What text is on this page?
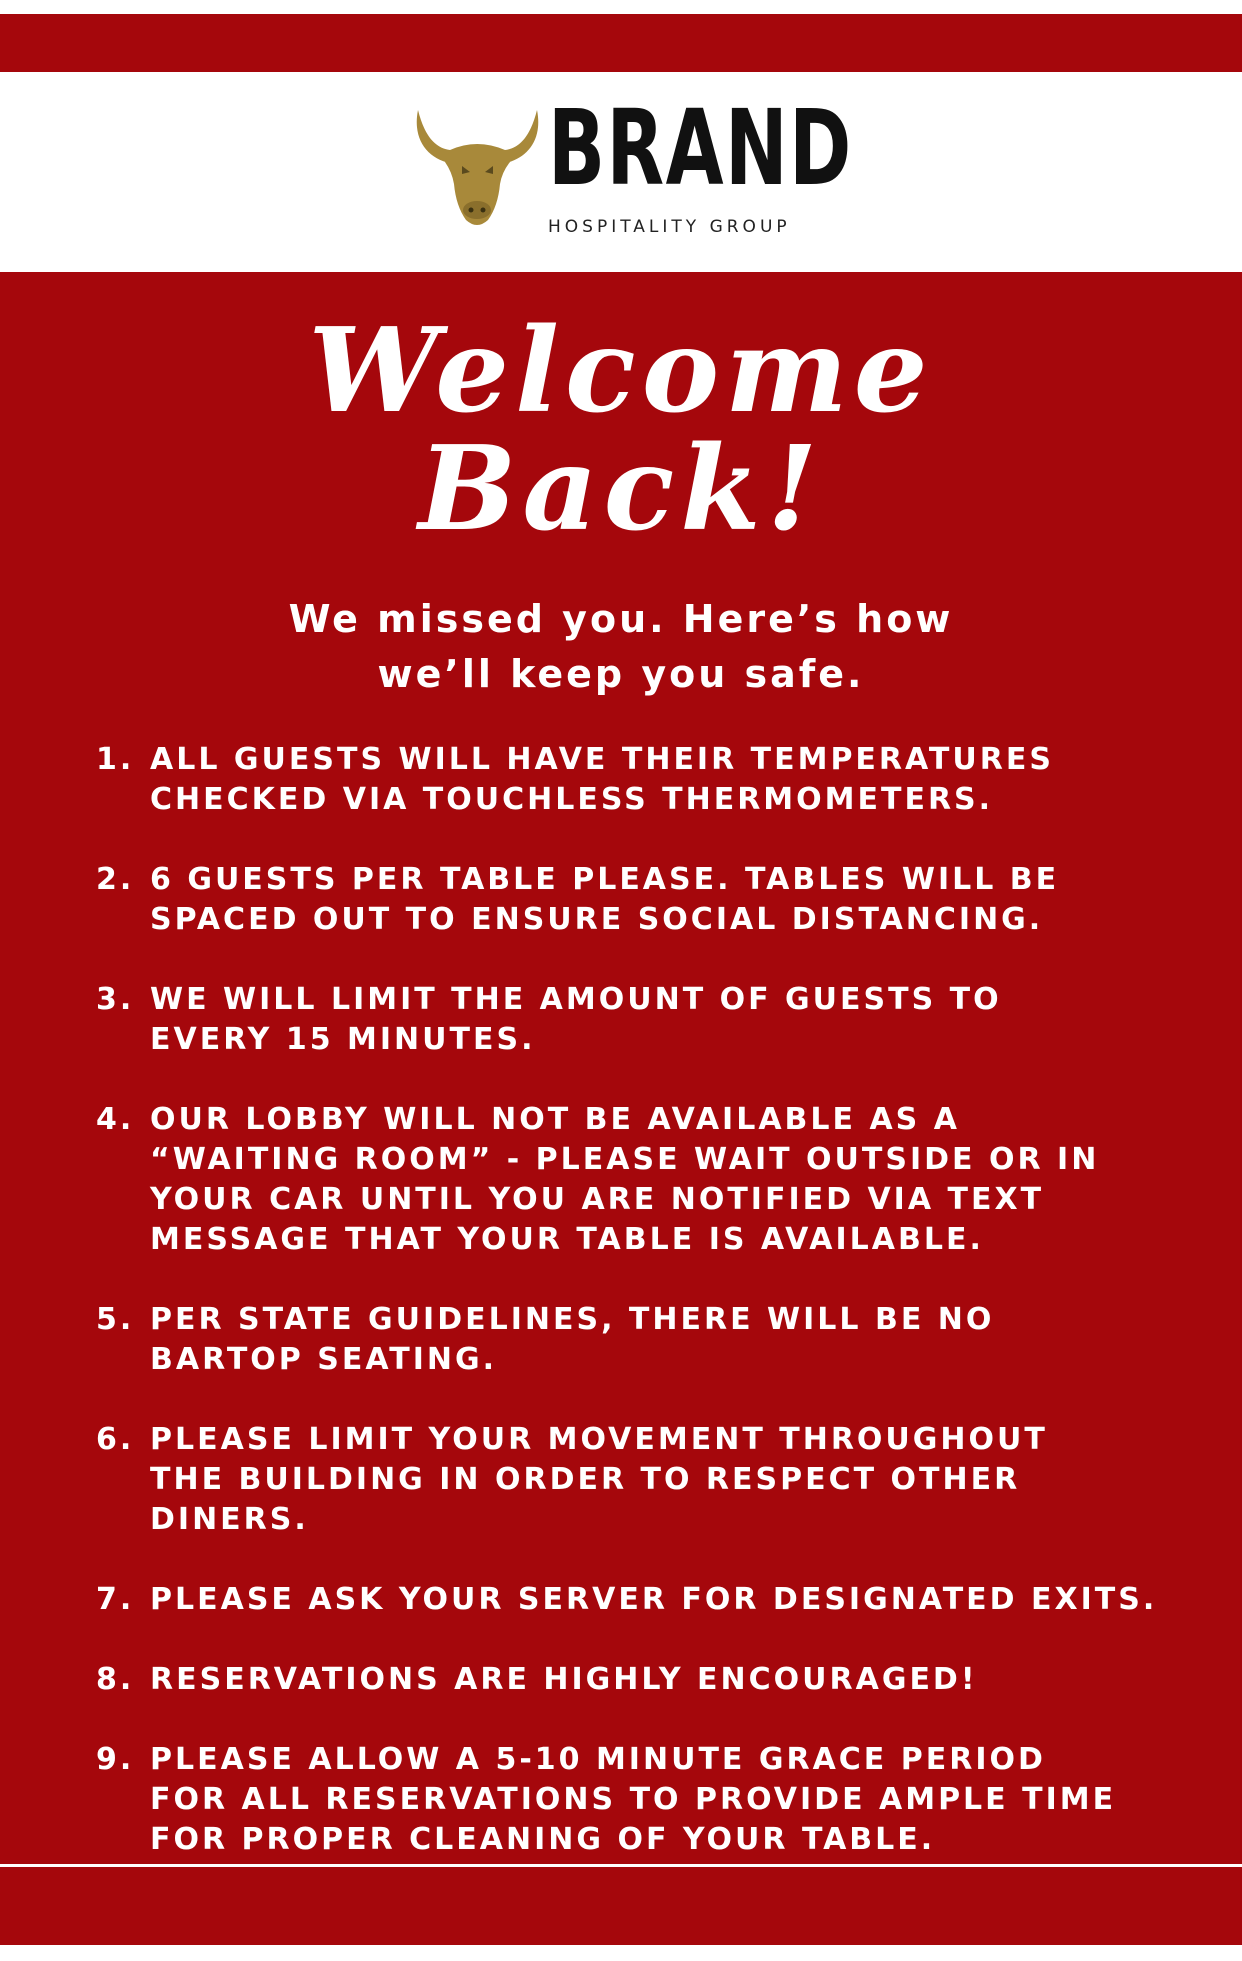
BRAND
HOSPITALITY GROUP
Welcome
Back!
We missed you. Here’s how
we’ll keep you safe.
1. ALL GUESTS WILL HAVE THEIR TEMPERATURES
CHECKED VIA TOUCHLESS THERMOMETERS.
2. 6 GUESTS PER TABLE PLEASE. TABLES WILL BE
SPACED OUT TO ENSURE SOCIAL DISTANCING.
3. WE WILL LIMIT THE AMOUNT OF GUESTS TO
EVERY 15 MINUTES.
4. OUR LOBBY WILL NOT BE AVAILABLE AS A
“WAITING ROOM” - PLEASE WAIT OUTSIDE OR IN
YOUR CAR UNTIL YOU ARE NOTIFIED VIA TEXT
MESSAGE THAT YOUR TABLE IS AVAILABLE.
5. PER STATE GUIDELINES, THERE WILL BE NO
BARTOP SEATING.
6. PLEASE LIMIT YOUR MOVEMENT THROUGHOUT
THE BUILDING IN ORDER TO RESPECT OTHER DINERS.
7. PLEASE ASK YOUR SERVER FOR DESIGNATED EXITS.
8. RESERVATIONS ARE HIGHLY ENCOURAGED!
9. PLEASE ALLOW A 5-10 MINUTE GRACE PERIOD
FOR ALL RESERVATIONS TO PROVIDE AMPLE TIME
FOR PROPER CLEANING OF YOUR TABLE.
